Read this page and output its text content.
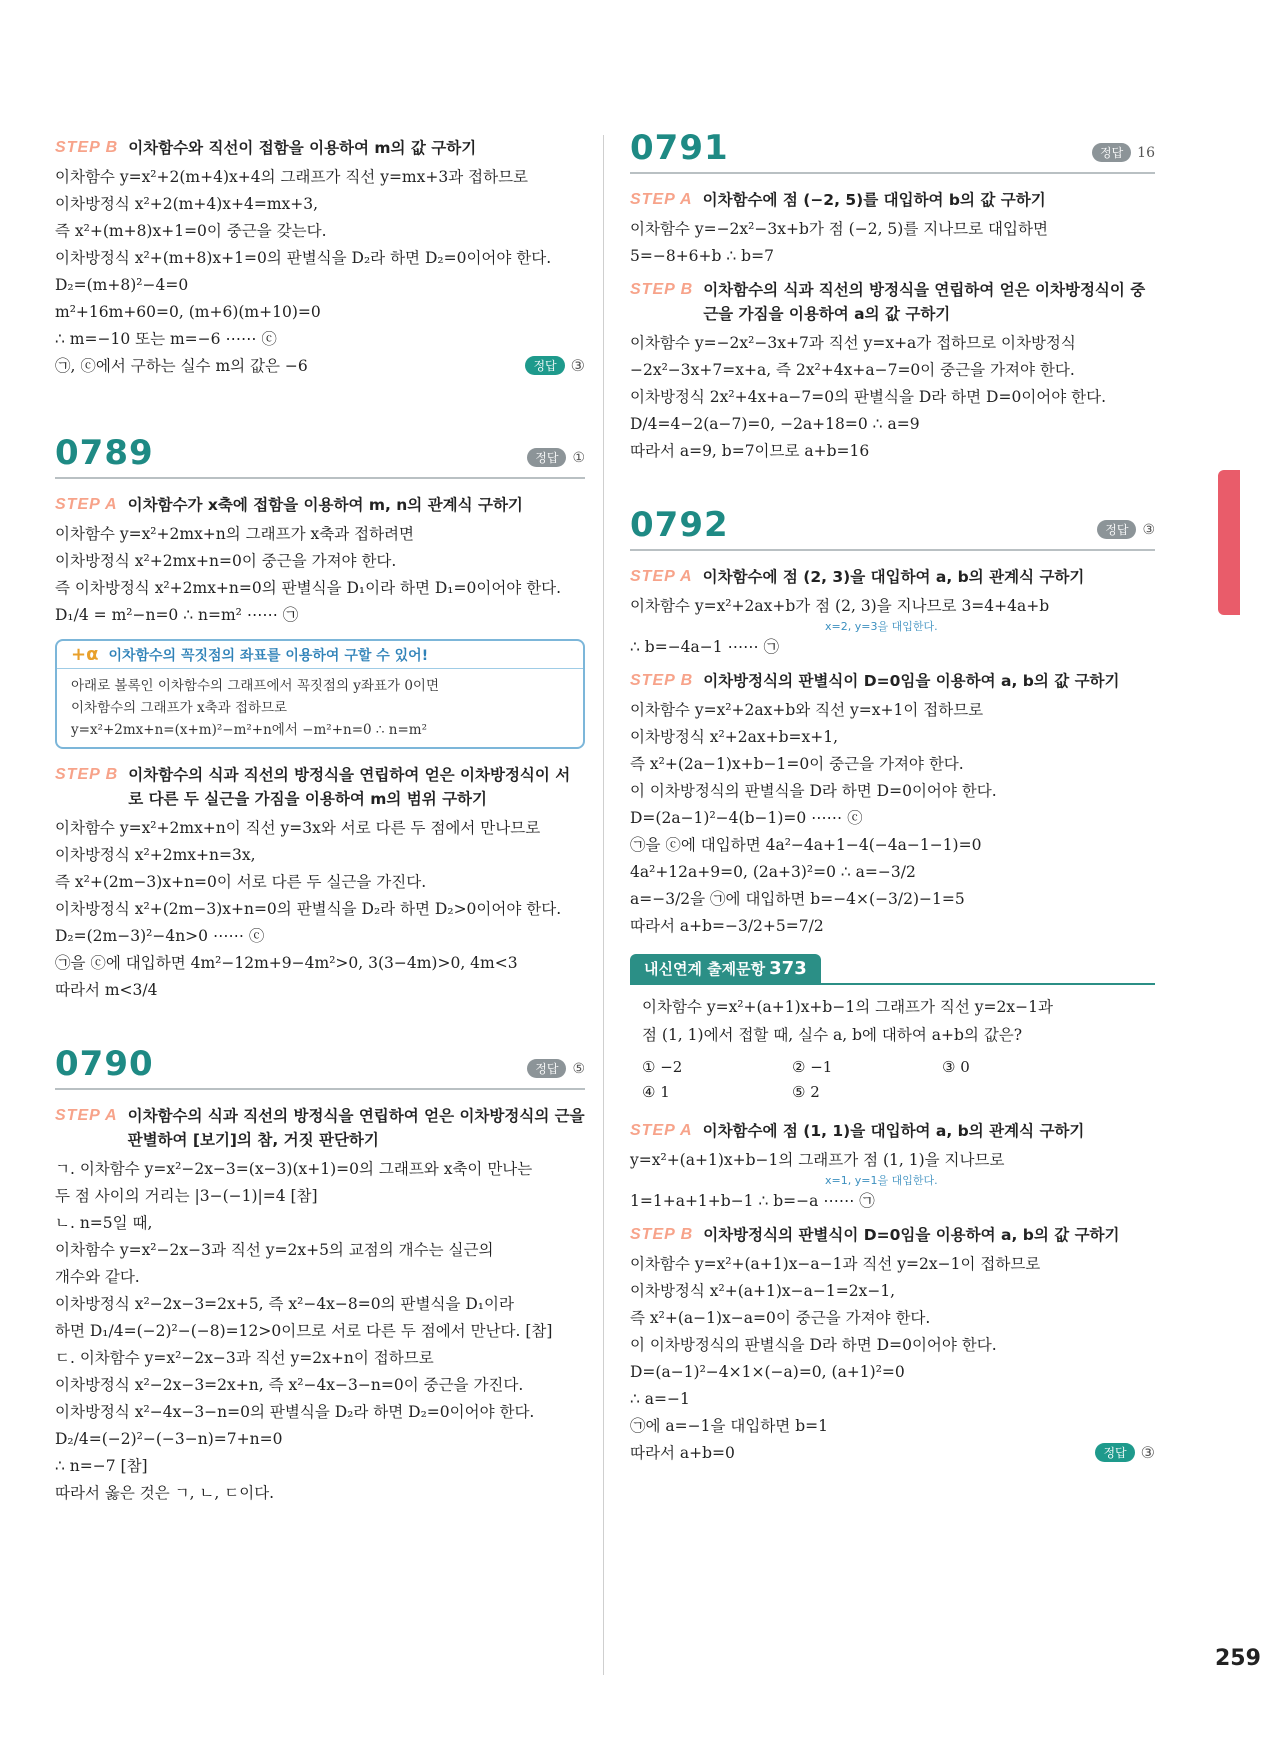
259
STEP B 이차함수와 직선이 접함을 이용하여 m의 값 구하기
이차함수 y=x²+2(m+4)x+4의 그래프가 직선 y=mx+3과 접하므로
이차방정식 x²+2(m+4)x+4=mx+3,
즉 x²+(m+8)x+1=0이 중근을 갖는다.
이차방정식 x²+(m+8)x+1=0의 판별식을 D₂라 하면 D₂=0이어야 한다.
D₂=(m+8)²−4=0
m²+16m+60=0, (m+6)(m+10)=0
∴ m=−10 또는 m=−6 ⋯⋯ ⓒ
㉠, ⓒ에서 구하는 실수 m의 값은 −6	정답 ③
0789	정답	①
STEP A 이차함수가 x축에 접함을 이용하여 m, n의 관계식 구하기
이차함수 y=x²+2mx+n의 그래프가 x축과 접하려면
이차방정식 x²+2mx+n=0이 중근을 가져야 한다.
즉 이차방정식 x²+2mx+n=0의 판별식을 D₁이라 하면 D₁=0이어야 한다.
D₁/4 = m²−n=0 ∴ n=m² ⋯⋯ ㉠
+α 이차함수의 꼭짓점의 좌표를 이용하여 구할 수 있어!
아래로 볼록인 이차함수의 그래프에서 꼭짓점의 y좌표가 0이면
이차함수의 그래프가 x축과 접하므로
y=x²+2mx+n=(x+m)²−m²+n에서 −m²+n=0 ∴ n=m²
STEP B 이차함수의 식과 직선의 방정식을 연립하여 얻은 이차방정식이 서로 다른 두 실근을 가짐을 이용하여 m의 범위 구하기
이차함수 y=x²+2mx+n이 직선 y=3x와 서로 다른 두 점에서 만나므로
이차방정식 x²+2mx+n=3x,
즉 x²+(2m−3)x+n=0이 서로 다른 두 실근을 가진다.
이차방정식 x²+(2m−3)x+n=0의 판별식을 D₂라 하면 D₂>0이어야 한다.
D₂=(2m−3)²−4n>0 ⋯⋯ ⓒ
㉠을 ⓒ에 대입하면 4m²−12m+9−4m²>0, 3(3−4m)>0, 4m<3
따라서 m<3/4
0790	정답	⑤
STEP A 이차함수의 식과 직선의 방정식을 연립하여 얻은 이차방정식의 근을 판별하여 [보기]의 참, 거짓 판단하기
ㄱ. 이차함수 y=x²−2x−3=(x−3)(x+1)=0의 그래프와 x축이 만나는
두 점 사이의 거리는 |3−(−1)|=4 [참]
ㄴ. n=5일 때,
이차함수 y=x²−2x−3과 직선 y=2x+5의 교점의 개수는 실근의
개수와 같다.
이차방정식 x²−2x−3=2x+5, 즉 x²−4x−8=0의 판별식을 D₁이라
하면 D₁/4=(−2)²−(−8)=12>0이므로 서로 다른 두 점에서 만난다. [참]
ㄷ. 이차함수 y=x²−2x−3과 직선 y=2x+n이 접하므로
이차방정식 x²−2x−3=2x+n, 즉 x²−4x−3−n=0이 중근을 가진다.
이차방정식 x²−4x−3−n=0의 판별식을 D₂라 하면 D₂=0이어야 한다.
D₂/4=(−2)²−(−3−n)=7+n=0
∴ n=−7 [참]
따라서 옳은 것은 ㄱ, ㄴ, ㄷ이다.
0791	정답	16
STEP A 이차함수에 점 (−2, 5)를 대입하여 b의 값 구하기
이차함수 y=−2x²−3x+b가 점 (−2, 5)를 지나므로 대입하면
5=−8+6+b ∴ b=7
STEP B 이차함수의 식과 직선의 방정식을 연립하여 얻은 이차방정식이 중근을 가짐을 이용하여 a의 값 구하기
이차함수 y=−2x²−3x+7과 직선 y=x+a가 접하므로 이차방정식
−2x²−3x+7=x+a, 즉 2x²+4x+a−7=0이 중근을 가져야 한다.
이차방정식 2x²+4x+a−7=0의 판별식을 D라 하면 D=0이어야 한다.
D/4=4−2(a−7)=0, −2a+18=0 ∴ a=9
따라서 a=9, b=7이므로 a+b=16
0792	정답	③
STEP A 이차함수에 점 (2, 3)을 대입하여 a, b의 관계식 구하기
이차함수 y=x²+2ax+b가 점 (2, 3)을 지나므로 3=4+4a+b
x=2, y=3을 대입한다.
∴ b=−4a−1 ⋯⋯ ㉠
STEP B 이차방정식의 판별식이 D=0임을 이용하여 a, b의 값 구하기
이차함수 y=x²+2ax+b와 직선 y=x+1이 접하므로
이차방정식 x²+2ax+b=x+1,
즉 x²+(2a−1)x+b−1=0이 중근을 가져야 한다.
이 이차방정식의 판별식을 D라 하면 D=0이어야 한다.
D=(2a−1)²−4(b−1)=0 ⋯⋯ ⓒ
㉠을 ⓒ에 대입하면 4a²−4a+1−4(−4a−1−1)=0
4a²+12a+9=0, (2a+3)²=0 ∴ a=−3/2
a=−3/2을 ㉠에 대입하면 b=−4×(−3/2)−1=5
따라서 a+b=−3/2+5=7/2
내신연계 출제문항 373
이차함수 y=x²+(a+1)x+b−1의 그래프가 직선 y=2x−1과
점 (1, 1)에서 접할 때, 실수 a, b에 대하여 a+b의 값은?
① −2	② −1	③ 0
④ 1	⑤ 2
STEP A 이차함수에 점 (1, 1)을 대입하여 a, b의 관계식 구하기
y=x²+(a+1)x+b−1의 그래프가 점 (1, 1)을 지나므로
x=1, y=1을 대입한다.
1=1+a+1+b−1 ∴ b=−a ⋯⋯ ㉠
STEP B 이차방정식의 판별식이 D=0임을 이용하여 a, b의 값 구하기
이차함수 y=x²+(a+1)x−a−1과 직선 y=2x−1이 접하므로
이차방정식 x²+(a+1)x−a−1=2x−1,
즉 x²+(a−1)x−a=0이 중근을 가져야 한다.
이 이차방정식의 판별식을 D라 하면 D=0이어야 한다.
D=(a−1)²−4×1×(−a)=0, (a+1)²=0
∴ a=−1
㉠에 a=−1을 대입하면 b=1
따라서 a+b=0	정답 ③
